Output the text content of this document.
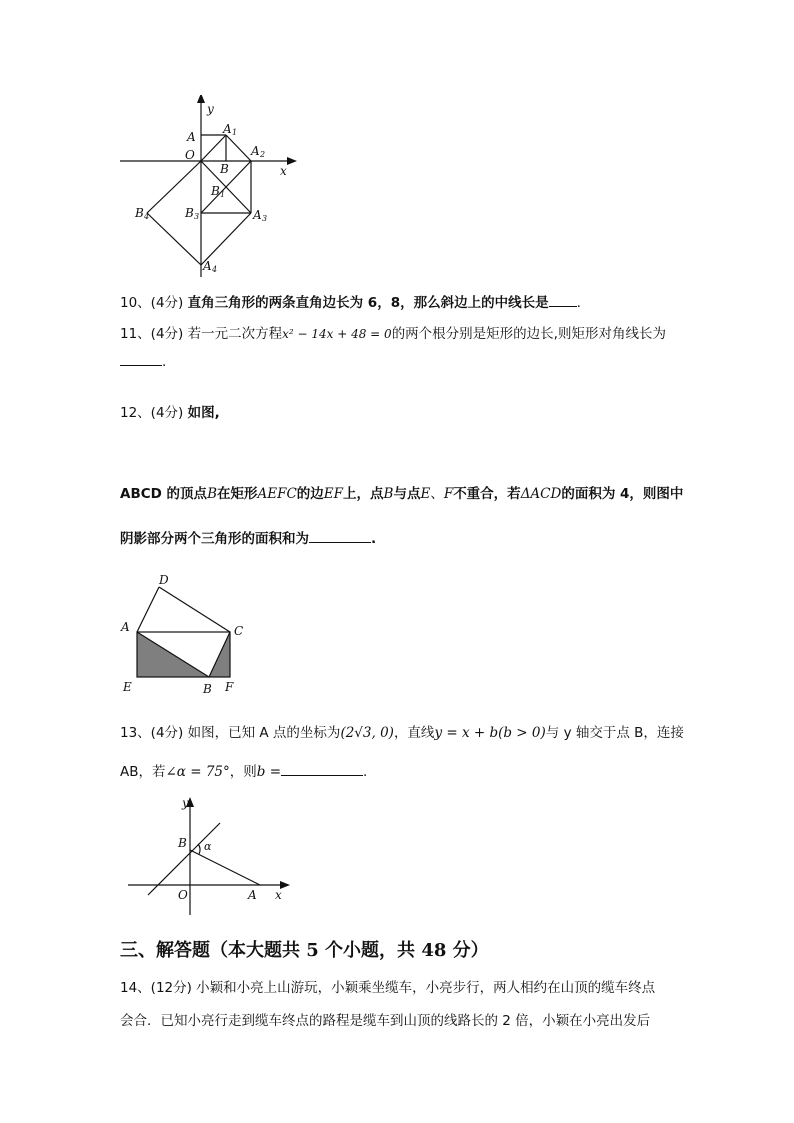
y
x
A
A 1
O	A 2
B
B 1
B 4	B 3	A 3
A 4
10、(4分) 直角三角形的两条直角边长为 6，8，那么斜边上的中线长是 .
11、(4分) 若一元二次方程x² − 14x + 48 = 0的两个根分别是矩形的边长,则矩形对角线长为
.
12、(4分) 如图,
ABCD 的顶点B在矩形AEFC的边EF上，点B与点E、F不重合，若ΔACD的面积为 4，则图中
阴影部分两个三角形的面积和为	.
D
A	C
E	B F
13、(4分) 如图，已知 A 点的坐标为(2√3, 0)，直线y = x + b(b > 0)与 y 轴交于点 B，连接
AB，若∠α = 75°，则b =	.
y
B α
O	A x
三、解答题（本大题共 5 个小题，共 48 分）
14、(12分) 小颖和小亮上山游玩，小颖乘坐缆车，小亮步行，两人相约在山顶的缆车终点
会合．已知小亮行走到缆车终点的路程是缆车到山顶的线路长的 2 倍，小颖在小亮出发后
